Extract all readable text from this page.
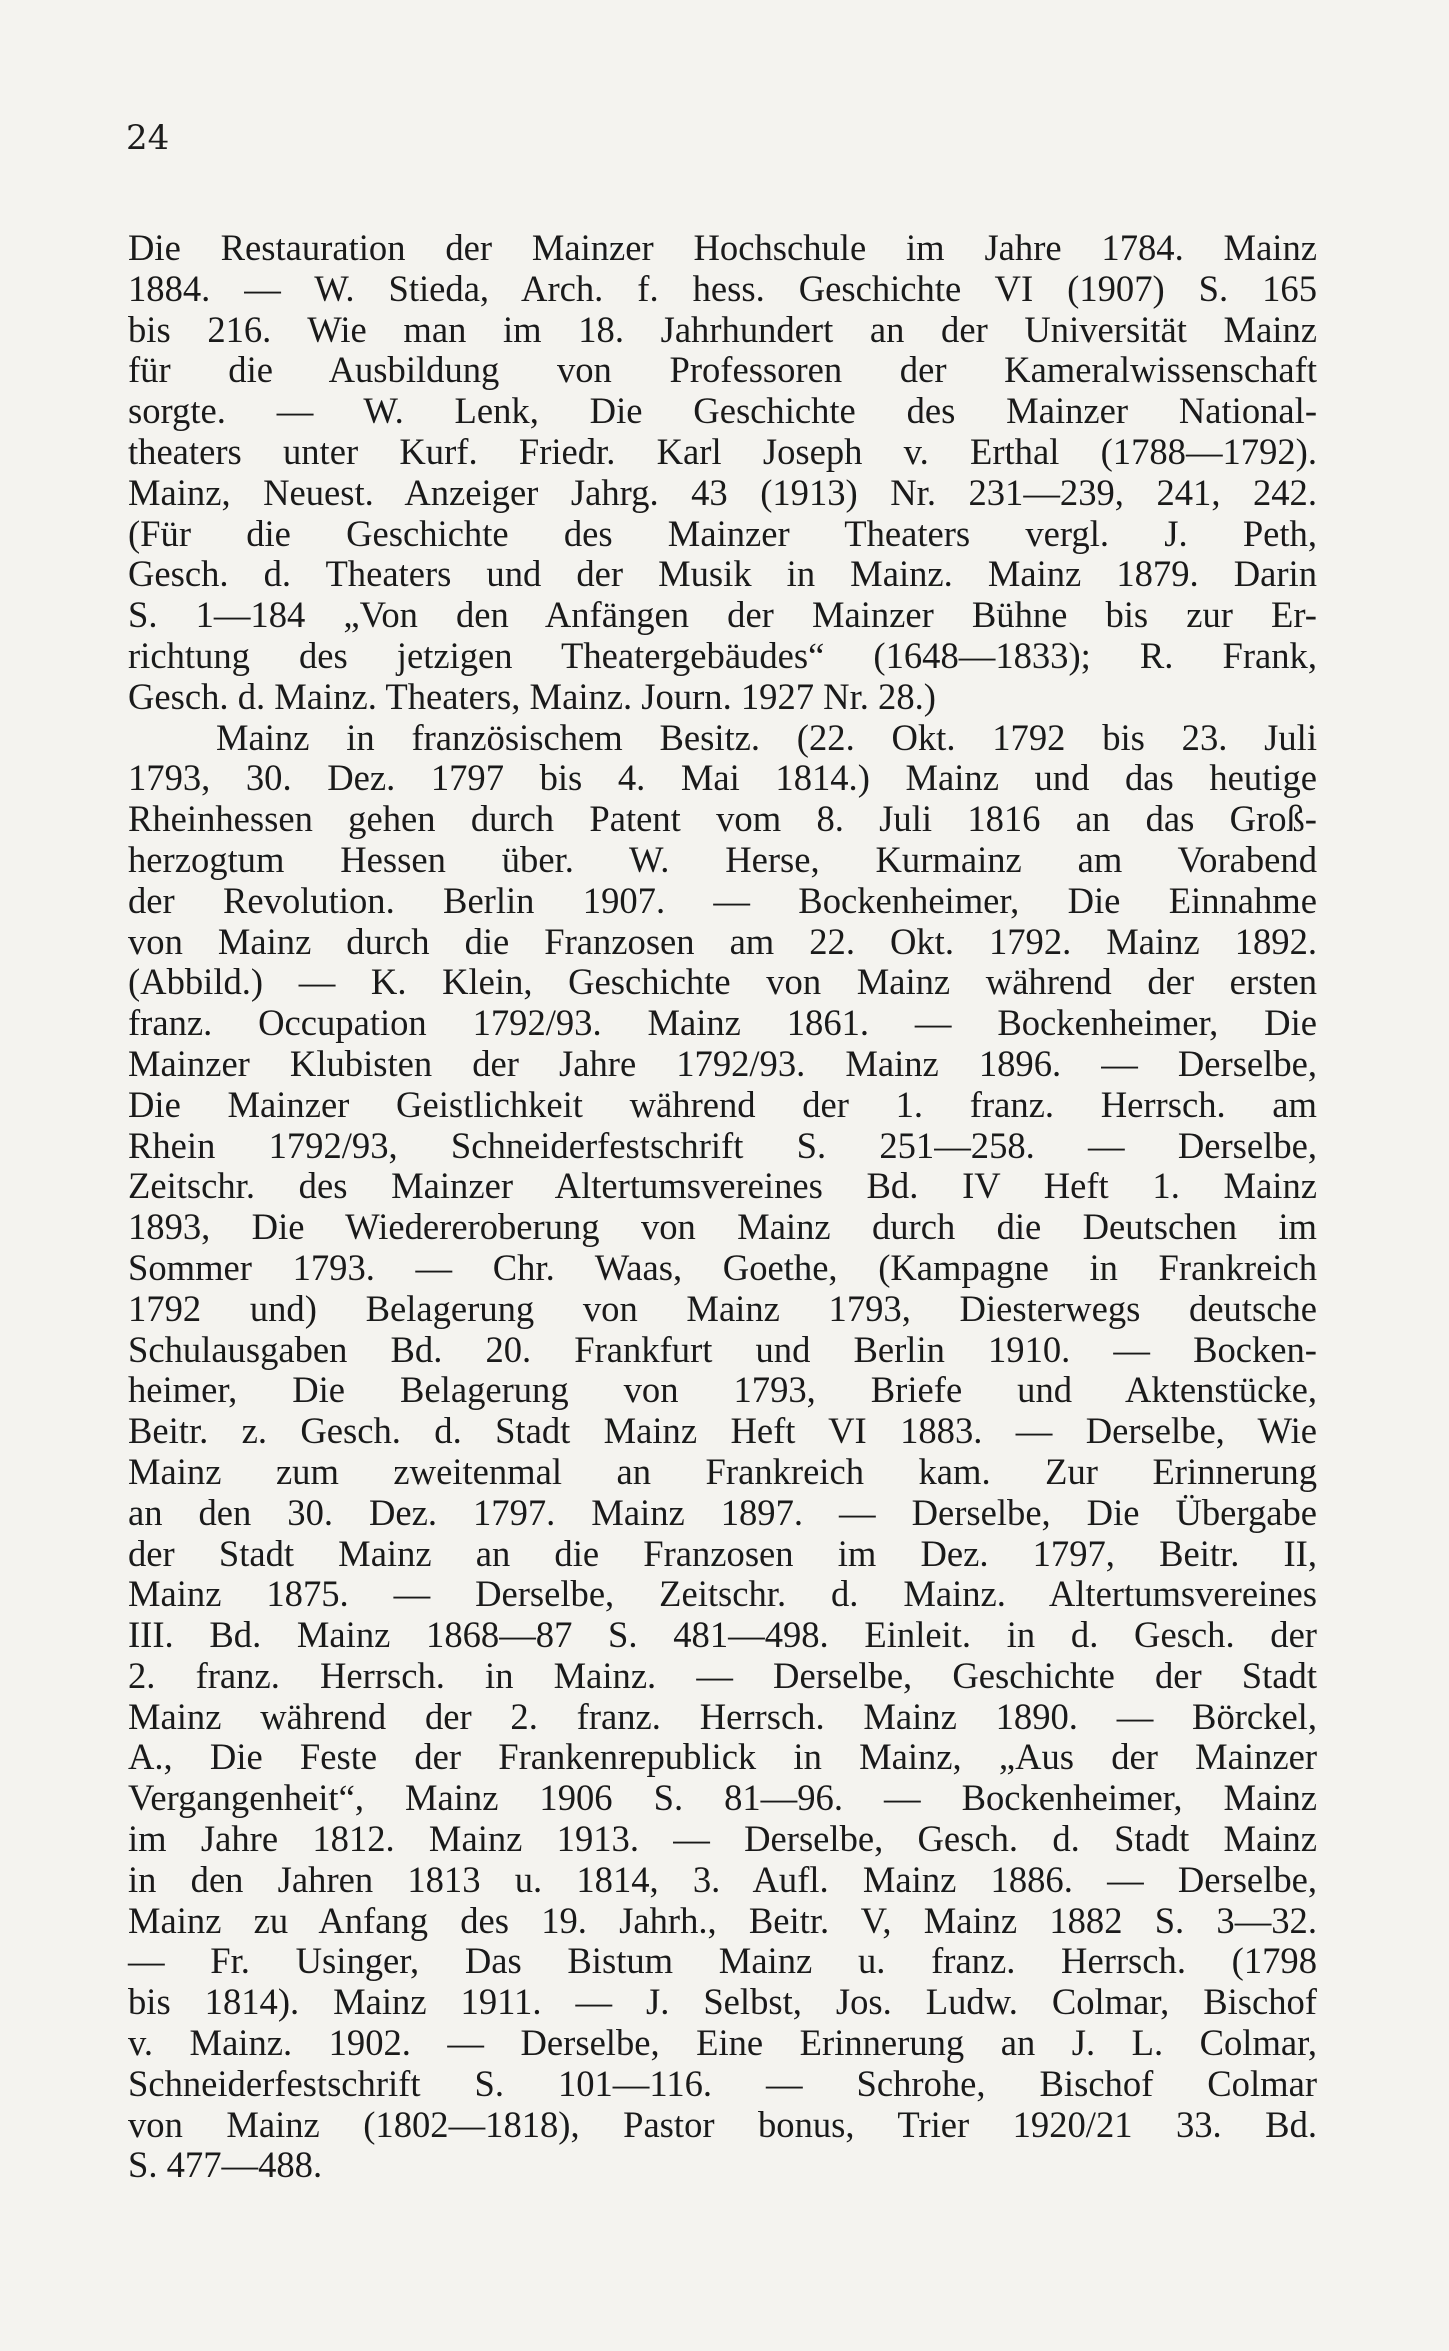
24
Die Restauration der Mainzer Hochschule im Jahre 1784. Mainz
1884. — W. Stieda, Arch. f. hess. Geschichte VI (1907) S. 165
bis 216. Wie man im 18. Jahrhundert an der Universität Mainz
für die Ausbildung von Professoren der Kameralwissenschaft
sorgte. — W. Lenk, Die Geschichte des Mainzer National-
theaters unter Kurf. Friedr. Karl Joseph v. Erthal (1788—1792).
Mainz, Neuest. Anzeiger Jahrg. 43 (1913) Nr. 231—239, 241, 242.
(Für die Geschichte des Mainzer Theaters vergl. J. Peth,
Gesch. d. Theaters und der Musik in Mainz. Mainz 1879. Darin
S. 1—184 „Von den Anfängen der Mainzer Bühne bis zur Er-
richtung des jetzigen Theatergebäudes“ (1648—1833); R. Frank,
Gesch. d. Mainz. Theaters, Mainz. Journ. 1927 Nr. 28.)
Mainz in französischem Besitz. (22. Okt. 1792 bis 23. Juli
1793, 30. Dez. 1797 bis 4. Mai 1814.) Mainz und das heutige
Rheinhessen gehen durch Patent vom 8. Juli 1816 an das Groß-
herzogtum Hessen über. W. Herse, Kurmainz am Vorabend
der Revolution. Berlin 1907. — Bockenheimer, Die Einnahme
von Mainz durch die Franzosen am 22. Okt. 1792. Mainz 1892.
(Abbild.) — K. Klein, Geschichte von Mainz während der ersten
franz. Occupation 1792/93. Mainz 1861. — Bockenheimer, Die
Mainzer Klubisten der Jahre 1792/93. Mainz 1896. — Derselbe,
Die Mainzer Geistlichkeit während der 1. franz. Herrsch. am
Rhein 1792/93, Schneiderfestschrift S. 251—258. — Derselbe,
Zeitschr. des Mainzer Altertumsvereines Bd. IV Heft 1. Mainz
1893, Die Wiedereroberung von Mainz durch die Deutschen im
Sommer 1793. — Chr. Waas, Goethe, (Kampagne in Frankreich
1792 und) Belagerung von Mainz 1793, Diesterwegs deutsche
Schulausgaben Bd. 20. Frankfurt und Berlin 1910. — Bocken-
heimer, Die Belagerung von 1793, Briefe und Aktenstücke,
Beitr. z. Gesch. d. Stadt Mainz Heft VI 1883. — Derselbe, Wie
Mainz zum zweitenmal an Frankreich kam. Zur Erinnerung
an den 30. Dez. 1797. Mainz 1897. — Derselbe, Die Übergabe
der Stadt Mainz an die Franzosen im Dez. 1797, Beitr. II,
Mainz 1875. — Derselbe, Zeitschr. d. Mainz. Altertumsvereines
III. Bd. Mainz 1868—87 S. 481—498. Einleit. in d. Gesch. der
2. franz. Herrsch. in Mainz. — Derselbe, Geschichte der Stadt
Mainz während der 2. franz. Herrsch. Mainz 1890. — Börckel,
A., Die Feste der Frankenrepublick in Mainz, „Aus der Mainzer
Vergangenheit“, Mainz 1906 S. 81—96. — Bockenheimer, Mainz
im Jahre 1812. Mainz 1913. — Derselbe, Gesch. d. Stadt Mainz
in den Jahren 1813 u. 1814, 3. Aufl. Mainz 1886. — Derselbe,
Mainz zu Anfang des 19. Jahrh., Beitr. V, Mainz 1882 S. 3—32.
— Fr. Usinger, Das Bistum Mainz u. franz. Herrsch. (1798
bis 1814). Mainz 1911. — J. Selbst, Jos. Ludw. Colmar, Bischof
v. Mainz. 1902. — Derselbe, Eine Erinnerung an J. L. Colmar,
Schneiderfestschrift S. 101—116. — Schrohe, Bischof Colmar
von Mainz (1802—1818), Pastor bonus, Trier 1920/21 33. Bd.
S. 477—488.
